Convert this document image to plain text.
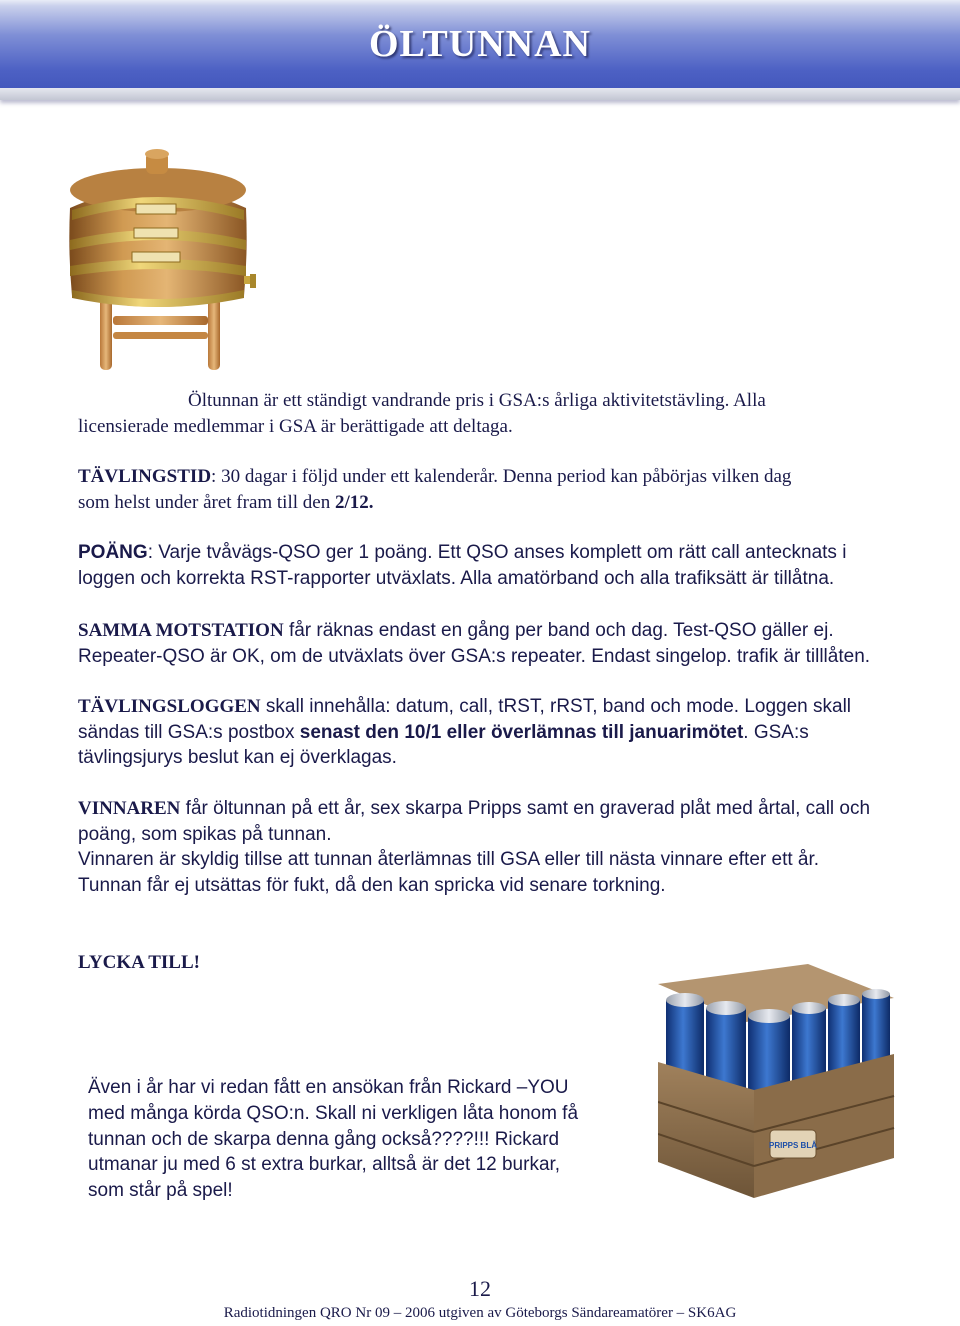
ÖLTUNNAN
Öltunnan är ett ständigt vandrande pris i GSA:s årliga aktivitetstävling. Alla
licensierade medlemmar i GSA är berättigade att deltaga.
TÄVLINGSTID: 30 dagar i följd under ett kalenderår. Denna period kan påbörjas vilken dag
som helst under året fram till den 2/12.
POÄNG: Varje tvåvägs-QSO ger 1 poäng. Ett QSO anses komplett om rätt call antecknats i
loggen och korrekta RST-rapporter utväxlats. Alla amatörband och alla trafiksätt är tillåtna.
SAMMA MOTSTATION får räknas endast en gång per band och dag. Test-QSO gäller ej.
Repeater-QSO är OK, om de utväxlats över GSA:s repeater. Endast singelop. trafik är tilllåten.
TÄVLINGSLOGGEN skall innehålla: datum, call, tRST, rRST, band och mode. Loggen skall
sändas till GSA:s postbox senast den 10/1 eller överlämnas till januarimötet. GSA:s
tävlingsjurys beslut kan ej överklagas.
VINNAREN får öltunnan på ett år, sex skarpa Pripps samt en graverad plåt med årtal, call och
poäng, som spikas på tunnan.
Vinnaren är skyldig tillse att tunnan återlämnas till GSA eller till nästa vinnare efter ett år.
Tunnan får ej utsättas för fukt, då den kan spricka vid senare torkning.
LYCKA TILL!
Även i år har vi redan fått en ansökan från Rickard –YOU
med många körda QSO:n. Skall ni verkligen låta honom få
tunnan och de skarpa denna gång också????!!! Rickard
utmanar ju med 6 st extra burkar, alltså är det 12 burkar,
som står på spel!
PRIPPS BLÅ
12
Radiotidningen QRO Nr 09 – 2006 utgiven av Göteborgs Sändareamatörer – SK6AG
